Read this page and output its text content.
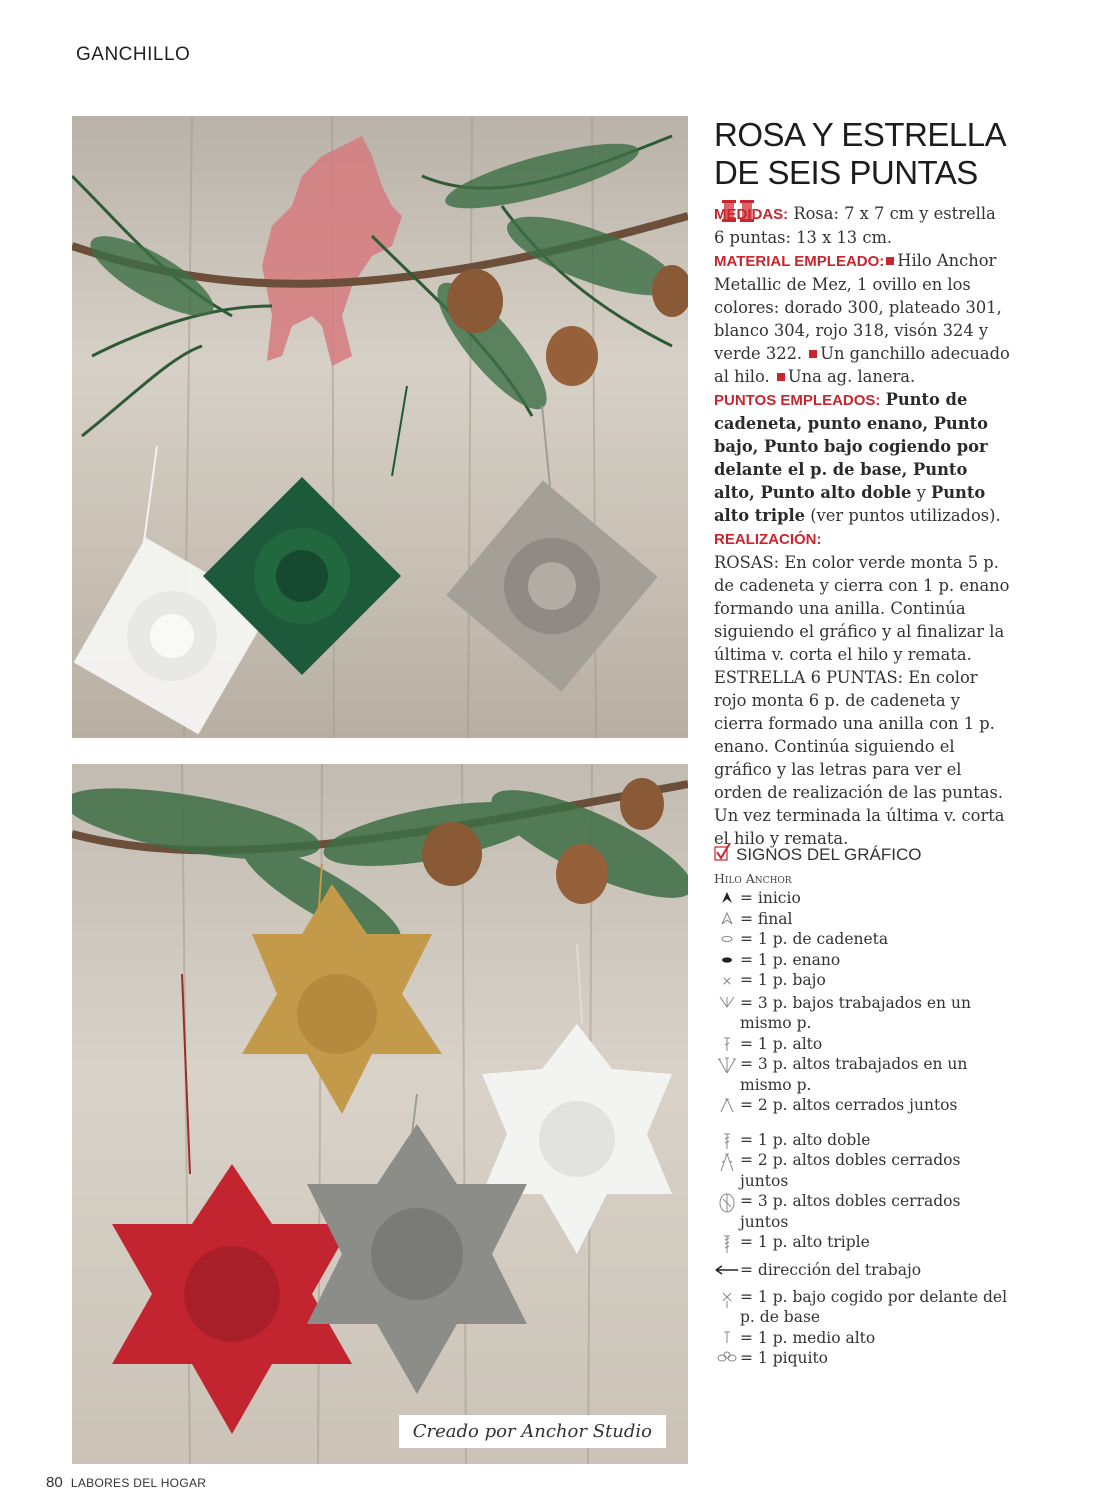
GANCHILLO
Creado por Anchor Studio
ROSA Y ESTRELLA
DE SEIS PUNTAS

MEDIDAS: Rosa: 7 x 7 cm y estrella 6 puntas: 13 x 13 cm.

MATERIAL EMPLEADO: Hilo Anchor Metallic de Mez, 1 ovillo en los colores: dorado 300, plateado 301, blanco 304, rojo 318, visón 324 y verde 322. Un ganchillo adecuado al hilo. Una ag. lanera.

PUNTOS EMPLEADOS: Punto de cadeneta, punto enano, Punto bajo, Punto bajo cogiendo por delante el p. de base, Punto alto, Punto alto doble y Punto alto triple (ver puntos utilizados).

REALIZACIÓN:

ROSAS: En color verde monta 5 p. de cadeneta y cierra con 1 p. enano formando una anilla. Continúa siguiendo el gráfico y al finalizar la última v. corta el hilo y remata.

ESTRELLA 6 PUNTAS: En color rojo monta 6 p. de cadeneta y cierra formado una anilla con 1 p. enano. Continúa siguiendo el gráfico y las letras para ver el orden de realización de las puntas. Un vez terminada la última v. corta el hilo y remata.

SIGNOS DEL GRÁFICO
Hilo Anchor
= inicio
= final
= 1 p. de cadeneta
= 1 p. enano
× = 1 p. bajo
= 3 p. bajos trabajados en un mismo p.
= 1 p. alto
= 3 p. altos trabajados en un mismo p.
= 2 p. altos cerrados juntos
= 1 p. alto doble
= 2 p. altos dobles cerrados juntos
= 3 p. altos dobles cerrados juntos
= 1 p. alto triple
= dirección del trabajo
= 1 p. bajo cogido por delante del p. de base
= 1 p. medio alto
= 1 piquito
80 LABORES DEL HOGAR
